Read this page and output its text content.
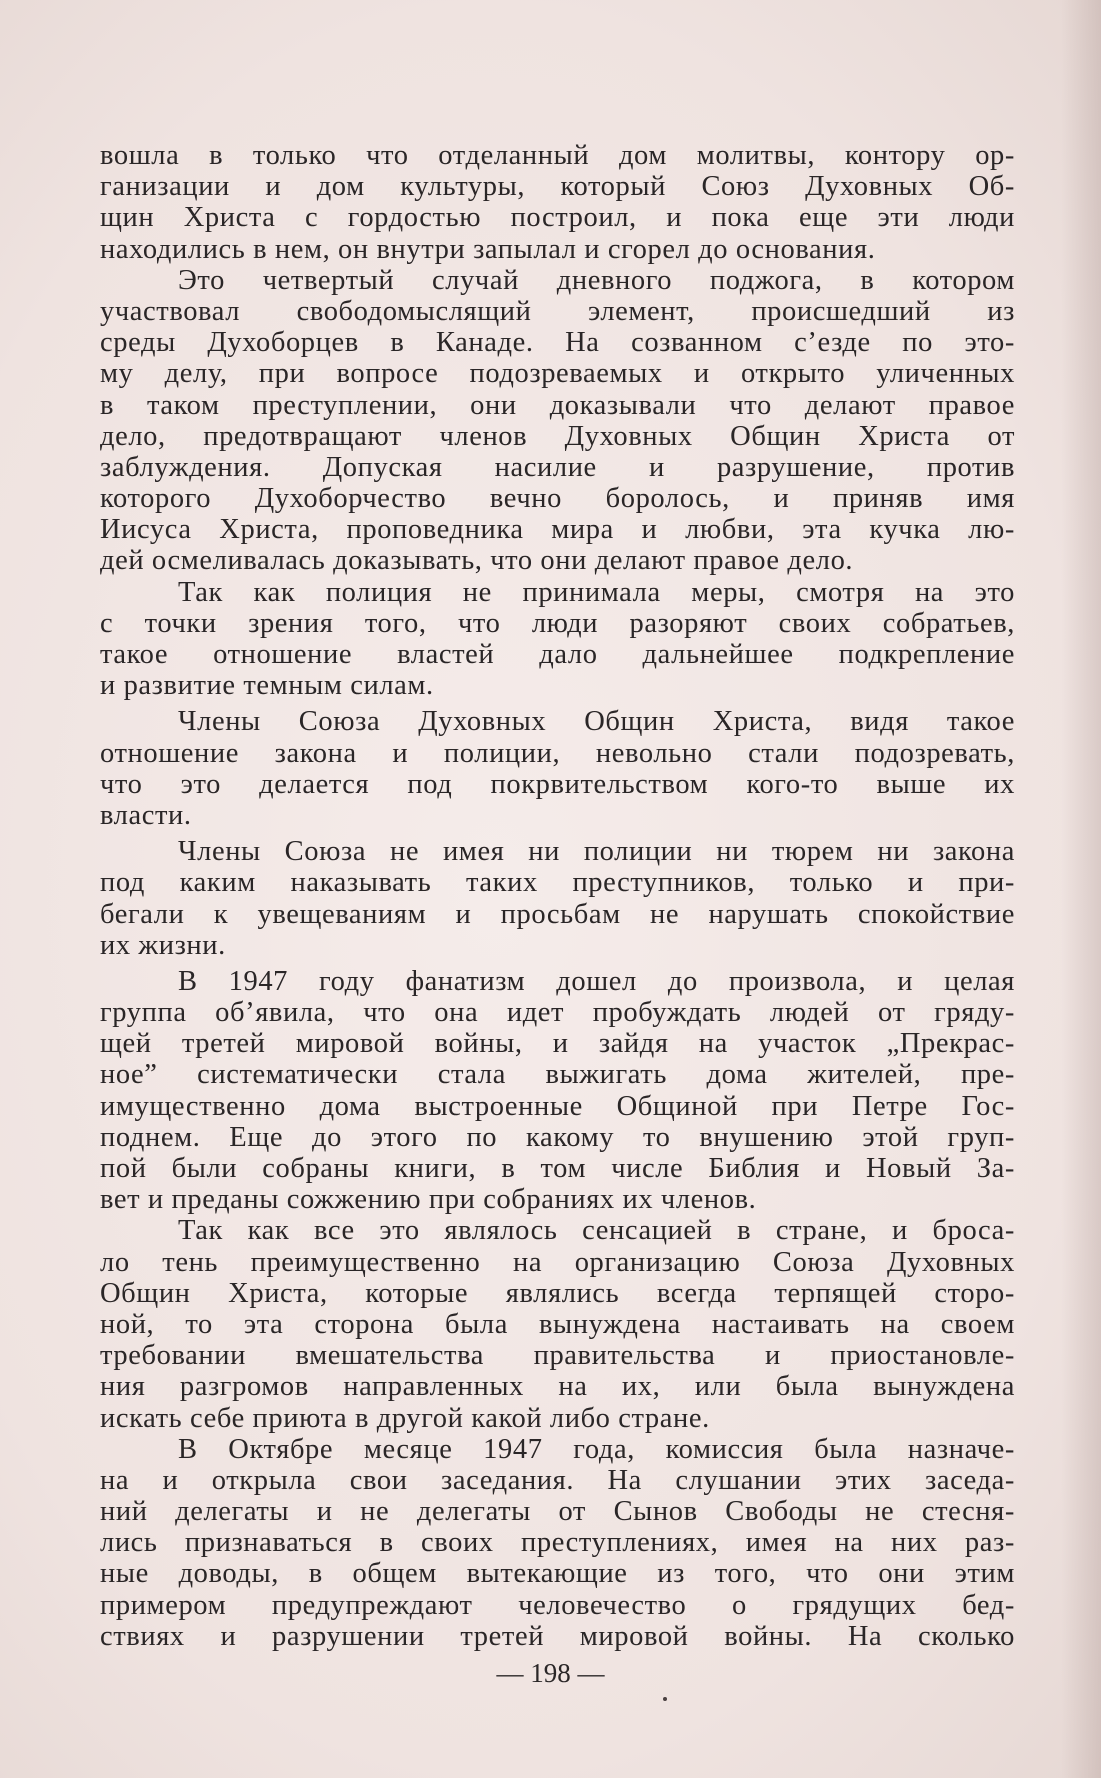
вошла в только что отделанный дом молитвы, контору ор-
ганизации и дом культуры, который Союз Духовных Об-
щин Христа с гордостью построил, и пока еще эти люди
находились в нем, он внутри запылал и сгорел до основания.
Это четвертый случай дневного поджога, в котором
участвовал свободомыслящий элемент, происшедший из
среды Духоборцев в Канаде. На созванном с’езде по это-
му делу, при вопросе подозреваемых и открыто уличенных
в таком преступлении, они доказывали что делают правое
дело, предотвращают членов Духовных Общин Христа от
заблуждения. Допуская насилие и разрушение, против
которого Духоборчество вечно боролось, и приняв имя
Иисуса Христа, проповедника мира и любви, эта кучка лю-
дей осмеливалась доказывать, что они делают правое дело.
Так как полиция не принимала меры, смотря на это
с точки зрения того, что люди разоряют своих собратьев,
такое отношение властей дало дальнейшее подкрепление
и развитие темным силам.
Члены Союза Духовных Общин Христа, видя такое
отношение закона и полиции, невольно стали подозревать,
что это делается под покрвительством кого-то выше их
власти.
Члены Союза не имея ни полиции ни тюрем ни закона
под каким наказывать таких преступников, только и при-
бегали к увещеваниям и просьбам не нарушать спокойствие
их жизни.
В 1947 году фанатизм дошел до произвола, и целая
группа об’явила, что она идет пробуждать людей от гряду-
щей третей мировой войны, и зайдя на участок „Прекрас-
ное” систематически стала выжигать дома жителей, пре-
имущественно дома выстроенные Общиной при Петре Гос-
поднем. Еще до этого по какому то внушению этой груп-
пой были собраны книги, в том числе Библия и Новый За-
вет и преданы сожжению при собраниях их членов.
Так как все это являлось сенсацией в стране, и броса-
ло тень преимущественно на организацию Союза Духовных
Общин Христа, которые являлись всегда терпящей сторо-
ной, то эта сторона была вынуждена настаивать на своем
требовании вмешательства правительства и приостановле-
ния разгромов направленных на их, или была вынуждена
искать себе приюта в другой какой либо стране.
В Октябре месяце 1947 года, комиссия была назначе-
на и открыла свои заседания. На слушании этих заседа-
ний делегаты и не делегаты от Сынов Свободы не стесня-
лись признаваться в своих преступлениях, имея на них раз-
ные доводы, в общем вытекающие из того, что они этим
примером предупреждают человечество о грядущих бед-
ствиях и разрушении третей мировой войны. На сколько
— 198 —
